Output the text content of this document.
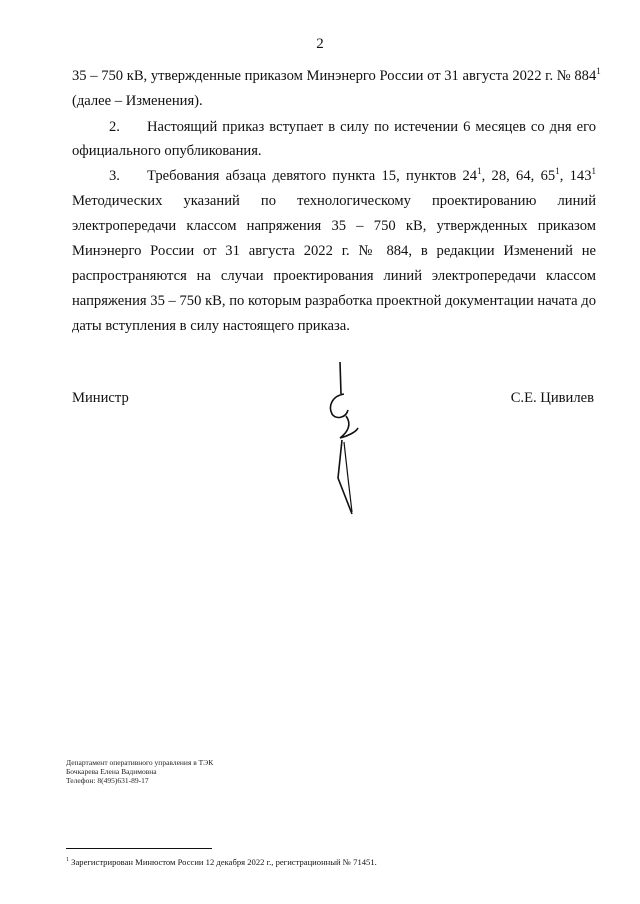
2
35 – 750 кВ, утвержденные приказом Минэнерго России от 31 августа 2022 г. № $884^1$
(далее – Изменения).
2. Настоящий приказ вступает в силу по истечении 6 месяцев со дня его
официального опубликования.
3. Требования абзаца девятого пункта 15, пунктов $24^1$, 28, 64, $65^1$, $143^1$
Методических указаний по технологическому проектированию линий
электропередачи классом напряжения 35 – 750 кВ, утвержденных приказом
Минэнерго России от 31 августа 2022 г. № 884, в редакции Изменений не
распространяются на случаи проектирования линий электропередачи классом
напряжения 35 – 750 кВ, по которым разработка проектной документации начата до
даты вступления в силу настоящего приказа.
Министр	С.Е. Цивилев
Департамент оперативного управления в ТЭК
Бочкарева Елена Вадимовна
Телефон: 8(495)631-89-17
$^1$ Зарегистрирован Минюстом России 12 декабря 2022 г., регистрационный № 71451.
